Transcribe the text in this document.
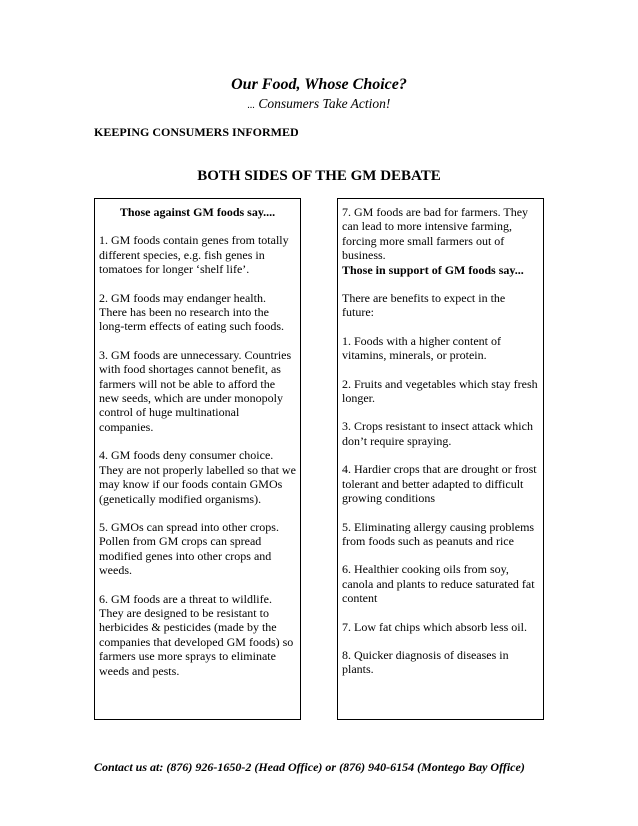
Our Food, Whose Choice?

... Consumers Take Action!

KEEPING CONSUMERS INFORMED
BOTH SIDES OF THE GM DEBATE

Those against GM foods say....

1. GM foods contain genes from totally different species, e.g. fish genes in tomatoes for longer ‘shelf life’.

2. GM foods may endanger health. There has been no research into the long-term effects of eating such foods.

3. GM foods are unnecessary. Countries with food shortages cannot benefit, as farmers will not be able to afford the new seeds, which are under monopoly control of huge multinational companies.

4. GM foods deny consumer choice. They are not properly labelled so that we may know if our foods contain GMOs
(genetically modified organisms).

5. GMOs can spread into other crops. Pollen from GM crops can spread modified genes into other crops and weeds.

6. GM foods are a threat to wildlife. They are designed to be resistant to herbicides & pesticides (made by the companies that developed GM foods) so
farmers use more sprays to eliminate weeds and pests.

7. GM foods are bad for farmers. They can lead to more intensive farming, forcing more small farmers out of business.

Those in support of GM foods say...

There are benefits to expect in the future:

1. Foods with a higher content of vitamins, minerals, or protein.

2. Fruits and vegetables which stay fresh longer.

3. Crops resistant to insect attack which don’t require spraying.

4. Hardier crops that are drought or frost tolerant and better adapted to difficult growing conditions

5. Eliminating allergy causing problems from foods such as peanuts and rice

6. Healthier cooking oils from soy, canola and plants to reduce saturated fat content

7. Low fat chips which absorb less oil.

8. Quicker diagnosis of diseases in plants.

Contact us at: (876) 926-1650-2 (Head Office) or (876) 940-6154 (Montego Bay Office)
